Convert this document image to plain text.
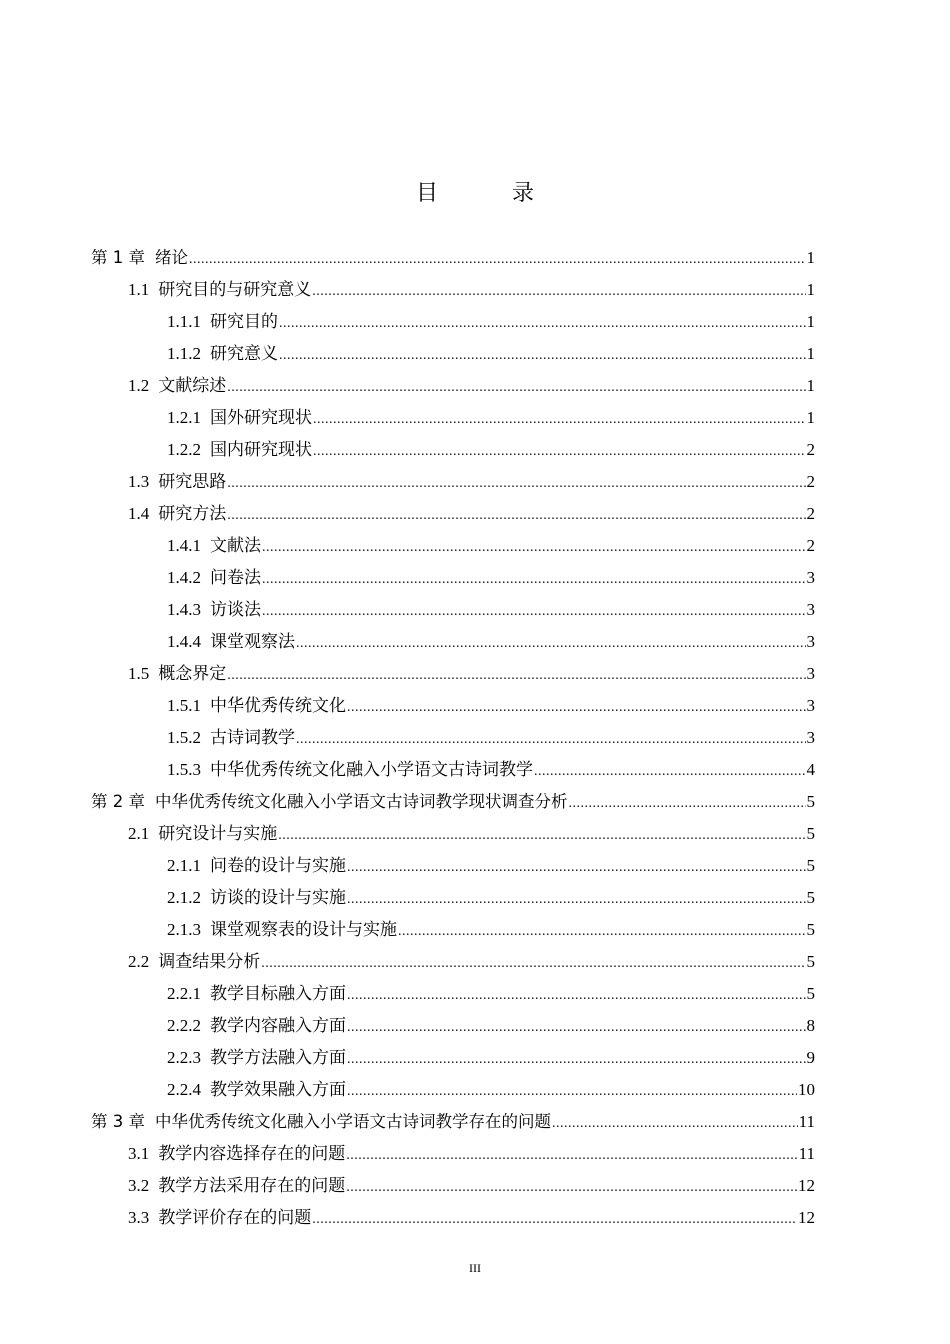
目　录
第 1 章 绪论 .....	1
1.1 研究目的与研究意义 .....	1
1.1.1 研究目的 .....	1
1.1.2 研究意义 .....	1
1.2 文献综述 .....	1
1.2.1 国外研究现状 .....	1
1.2.2 国内研究现状 .....	2
1.3 研究思路 .....	2
1.4 研究方法 .....	2
1.4.1 文献法 .....	2
1.4.2 问卷法 .....	3
1.4.3 访谈法 .....	3
1.4.4 课堂观察法 .....	3
1.5 概念界定 .....	3
1.5.1 中华优秀传统文化 .....	3
1.5.2 古诗词教学 .....	3
1.5.3 中华优秀传统文化融入小学语文古诗词教学 .....	4
第 2 章 中华优秀传统文化融入小学语文古诗词教学现状调查分析 .....	5
2.1 研究设计与实施 .....	5
2.1.1 问卷的设计与实施 .....	5
2.1.2 访谈的设计与实施 .....	5
2.1.3 课堂观察表的设计与实施 .....	5
2.2 调查结果分析 .....	5
2.2.1 教学目标融入方面 .....	5
2.2.2 教学内容融入方面 .....	8
2.2.3 教学方法融入方面 .....	9
2.2.4 教学效果融入方面 .....	10
第 3 章 中华优秀传统文化融入小学语文古诗词教学存在的问题 .....	11
3.1 教学内容选择存在的问题 .....	11
3.2 教学方法采用存在的问题 .....	12
3.3 教学评价存在的问题 .....	12
III
